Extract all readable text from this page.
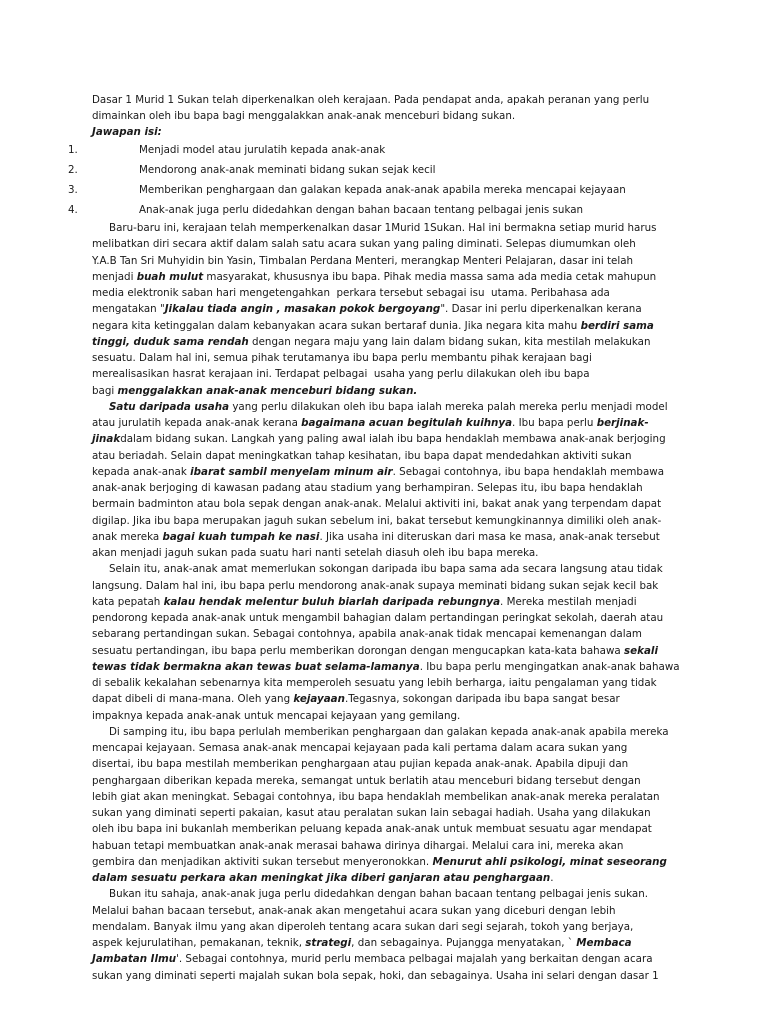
Dasar 1 Murid 1 Sukan telah diperkenalkan oleh kerajaan. Pada pendapat anda, apakah peranan yang perlu
dimainkan oleh ibu bapa bagi menggalakkan anak-anak menceburi bidang sukan.
Jawapan isi:
1.	Menjadi model atau jurulatih kepada anak-anak
2.	Mendorong anak-anak meminati bidang sukan sejak kecil
3.	Memberikan penghargaan dan galakan kepada anak-anak apabila mereka mencapai kejayaan
4.	Anak-anak juga perlu didedahkan dengan bahan bacaan tentang pelbagai jenis sukan
Baru-baru ini, kerajaan telah memperkenalkan dasar 1Murid 1Sukan. Hal ini bermakna setiap murid harus
melibatkan diri secara aktif dalam salah satu acara sukan yang paling diminati. Selepas diumumkan oleh
Y.A.B Tan Sri Muhyidin bin Yasin, Timbalan Perdana Menteri, merangkap Menteri Pelajaran, dasar ini telah
menjadi buah mulut masyarakat, khususnya ibu bapa. Pihak media massa sama ada media cetak mahupun
media elektronik saban hari mengetengahkan  perkara tersebut sebagai isu  utama. Peribahasa ada
mengatakan "Jikalau tiada angin , masakan pokok bergoyang". Dasar ini perlu diperkenalkan kerana
negara kita ketinggalan dalam kebanyakan acara sukan bertaraf dunia. Jika negara kita mahu berdiri sama
tinggi, duduk sama rendah dengan negara maju yang lain dalam bidang sukan, kita mestilah melakukan
sesuatu. Dalam hal ini, semua pihak terutamanya ibu bapa perlu membantu pihak kerajaan bagi
merealisasikan hasrat kerajaan ini. Terdapat pelbagai  usaha yang perlu dilakukan oleh ibu bapa
bagi menggalakkan anak-anak menceburi bidang sukan.
Satu daripada usaha yang perlu dilakukan oleh ibu bapa ialah mereka palah mereka perlu menjadi model
atau jurulatih kepada anak-anak kerana bagaimana acuan begitulah kuihnya. Ibu bapa perlu berjinak-
jinakdalam bidang sukan. Langkah yang paling awal ialah ibu bapa hendaklah membawa anak-anak berjoging
atau beriadah. Selain dapat meningkatkan tahap kesihatan, ibu bapa dapat mendedahkan aktiviti sukan
kepada anak-anak ibarat sambil menyelam minum air. Sebagai contohnya, ibu bapa hendaklah membawa
anak-anak berjoging di kawasan padang atau stadium yang berhampiran. Selepas itu, ibu bapa hendaklah
bermain badminton atau bola sepak dengan anak-anak. Melalui aktiviti ini, bakat anak yang terpendam dapat
digilap. Jika ibu bapa merupakan jaguh sukan sebelum ini, bakat tersebut kemungkinannya dimiliki oleh anak-
anak mereka bagai kuah tumpah ke nasi. Jika usaha ini diteruskan dari masa ke masa, anak-anak tersebut
akan menjadi jaguh sukan pada suatu hari nanti setelah diasuh oleh ibu bapa mereka.
Selain itu, anak-anak amat memerlukan sokongan daripada ibu bapa sama ada secara langsung atau tidak
langsung. Dalam hal ini, ibu bapa perlu mendorong anak-anak supaya meminati bidang sukan sejak kecil bak
kata pepatah kalau hendak melentur buluh biarlah daripada rebungnya. Mereka mestilah menjadi
pendorong kepada anak-anak untuk mengambil bahagian dalam pertandingan peringkat sekolah, daerah atau
sebarang pertandingan sukan. Sebagai contohnya, apabila anak-anak tidak mencapai kemenangan dalam
sesuatu pertandingan, ibu bapa perlu memberikan dorongan dengan mengucapkan kata-kata bahawa sekali
tewas tidak bermakna akan tewas buat selama-lamanya. Ibu bapa perlu mengingatkan anak-anak bahawa
di sebalik kekalahan sebenarnya kita memperoleh sesuatu yang lebih berharga, iaitu pengalaman yang tidak
dapat dibeli di mana-mana. Oleh yang kejayaan.Tegasnya, sokongan daripada ibu bapa sangat besar
impaknya kepada anak-anak untuk mencapai kejayaan yang gemilang.
Di samping itu, ibu bapa perlulah memberikan penghargaan dan galakan kepada anak-anak apabila mereka
mencapai kejayaan. Semasa anak-anak mencapai kejayaan pada kali pertama dalam acara sukan yang
disertai, ibu bapa mestilah memberikan penghargaan atau pujian kepada anak-anak. Apabila dipuji dan
penghargaan diberikan kepada mereka, semangat untuk berlatih atau menceburi bidang tersebut dengan
lebih giat akan meningkat. Sebagai contohnya, ibu bapa hendaklah membelikan anak-anak mereka peralatan
sukan yang diminati seperti pakaian, kasut atau peralatan sukan lain sebagai hadiah. Usaha yang dilakukan
oleh ibu bapa ini bukanlah memberikan peluang kepada anak-anak untuk membuat sesuatu agar mendapat
habuan tetapi membuatkan anak-anak merasai bahawa dirinya dihargai. Melalui cara ini, mereka akan
gembira dan menjadikan aktiviti sukan tersebut menyeronokkan. Menurut ahli psikologi, minat seseorang
dalam sesuatu perkara akan meningkat jika diberi ganjaran atau penghargaan.
Bukan itu sahaja, anak-anak juga perlu didedahkan dengan bahan bacaan tentang pelbagai jenis sukan.
Melalui bahan bacaan tersebut, anak-anak akan mengetahui acara sukan yang diceburi dengan lebih
mendalam. Banyak ilmu yang akan diperoleh tentang acara sukan dari segi sejarah, tokoh yang berjaya,
aspek kejurulatihan, pemakanan, teknik, strategi, dan sebagainya. Pujangga menyatakan, ` Membaca
Jambatan Ilmu'. Sebagai contohnya, murid perlu membaca pelbagai majalah yang berkaitan dengan acara
sukan yang diminati seperti majalah sukan bola sepak, hoki, dan sebagainya. Usaha ini selari dengan dasar 1
